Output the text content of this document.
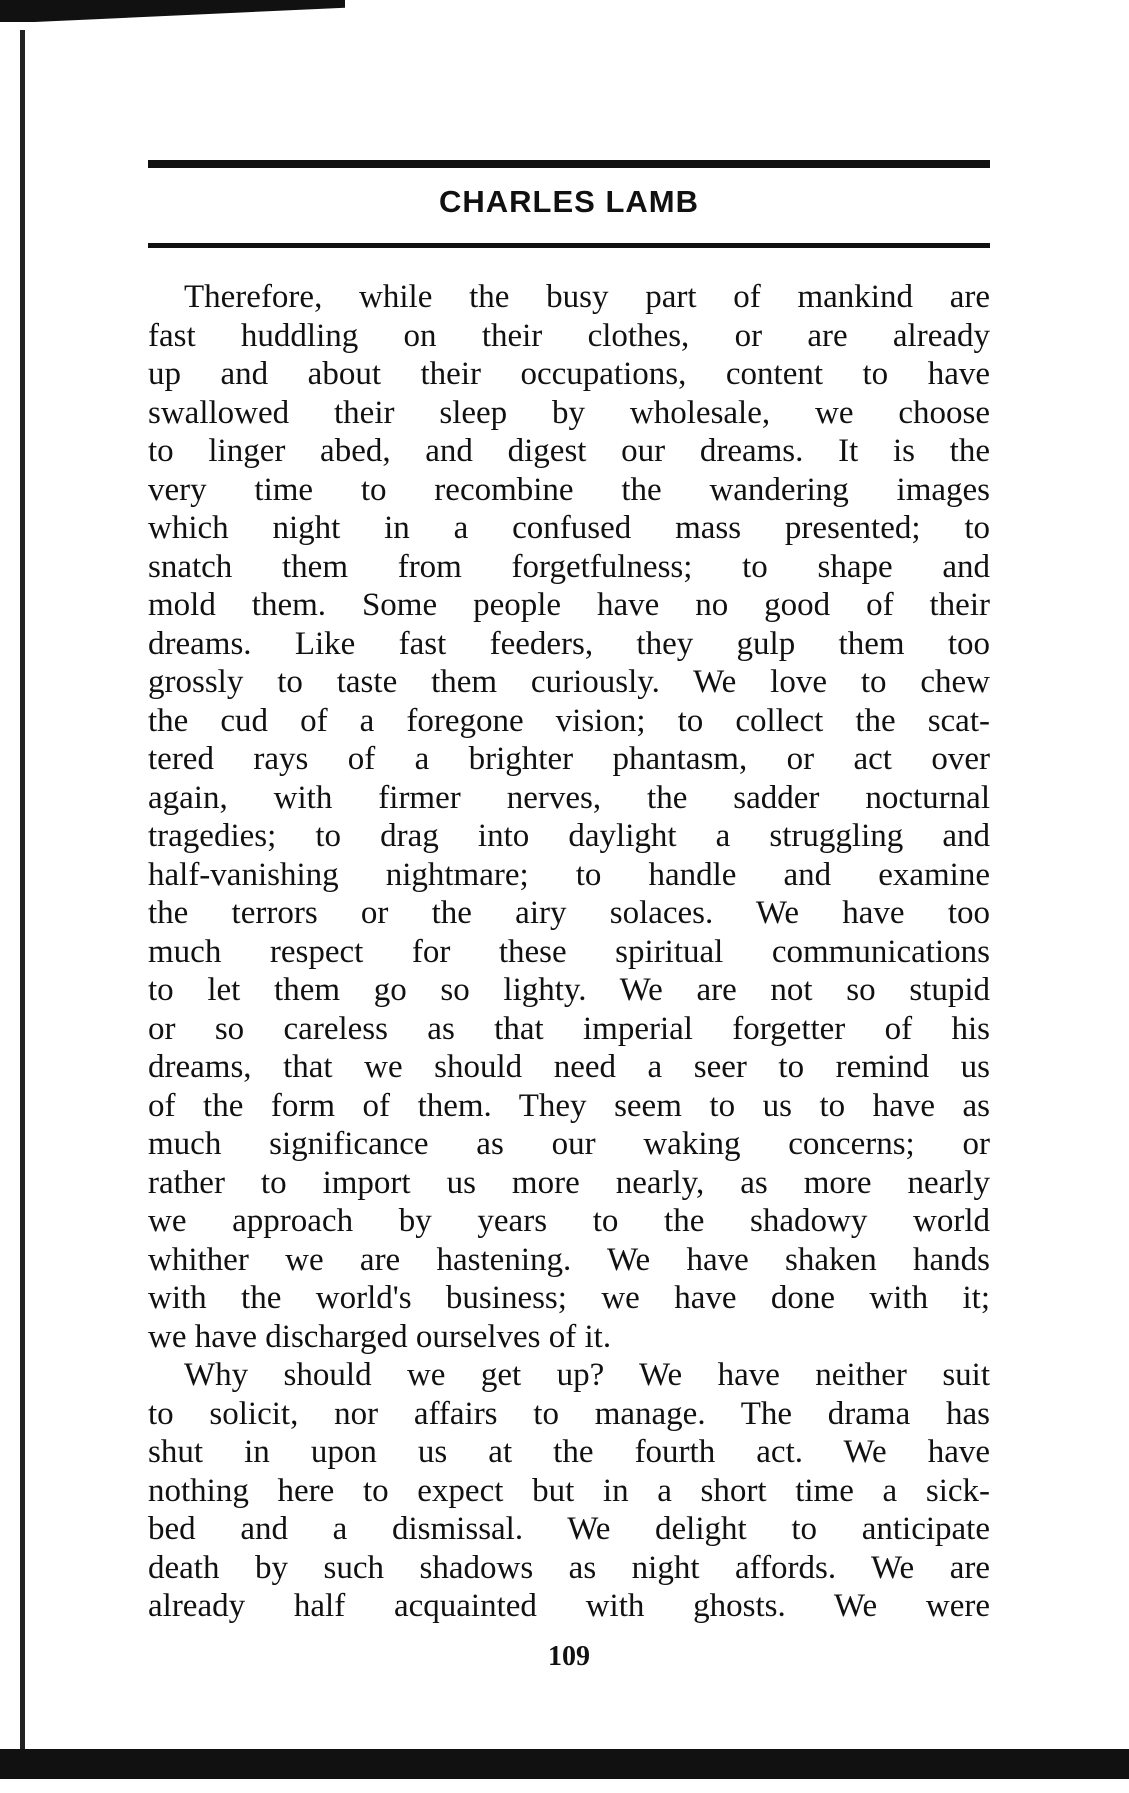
CHARLES LAMB
Therefore, while the busy part of mankind are
fast huddling on their clothes, or are already
up and about their occupations, content to have
swallowed their sleep by wholesale, we choose
to linger abed, and digest our dreams. It is the
very time to recombine the wandering images
which night in a confused mass presented; to
snatch them from forgetfulness; to shape and
mold them. Some people have no good of their
dreams. Like fast feeders, they gulp them too
grossly to taste them curiously. We love to chew
the cud of a foregone vision; to collect the scat-
tered rays of a brighter phantasm, or act over
again, with firmer nerves, the sadder nocturnal
tragedies; to drag into daylight a struggling and
half-vanishing nightmare; to handle and examine
the terrors or the airy solaces. We have too
much respect for these spiritual communications
to let them go so lighty. We are not so stupid
or so careless as that imperial forgetter of his
dreams, that we should need a seer to remind us
of the form of them. They seem to us to have as
much significance as our waking concerns; or
rather to import us more nearly, as more nearly
we approach by years to the shadowy world
whither we are hastening. We have shaken hands
with the world's business; we have done with it;
we have discharged ourselves of it.
Why should we get up? We have neither suit
to solicit, nor affairs to manage. The drama has
shut in upon us at the fourth act. We have
nothing here to expect but in a short time a sick-
bed and a dismissal. We delight to anticipate
death by such shadows as night affords. We are
already half acquainted with ghosts. We were
109
